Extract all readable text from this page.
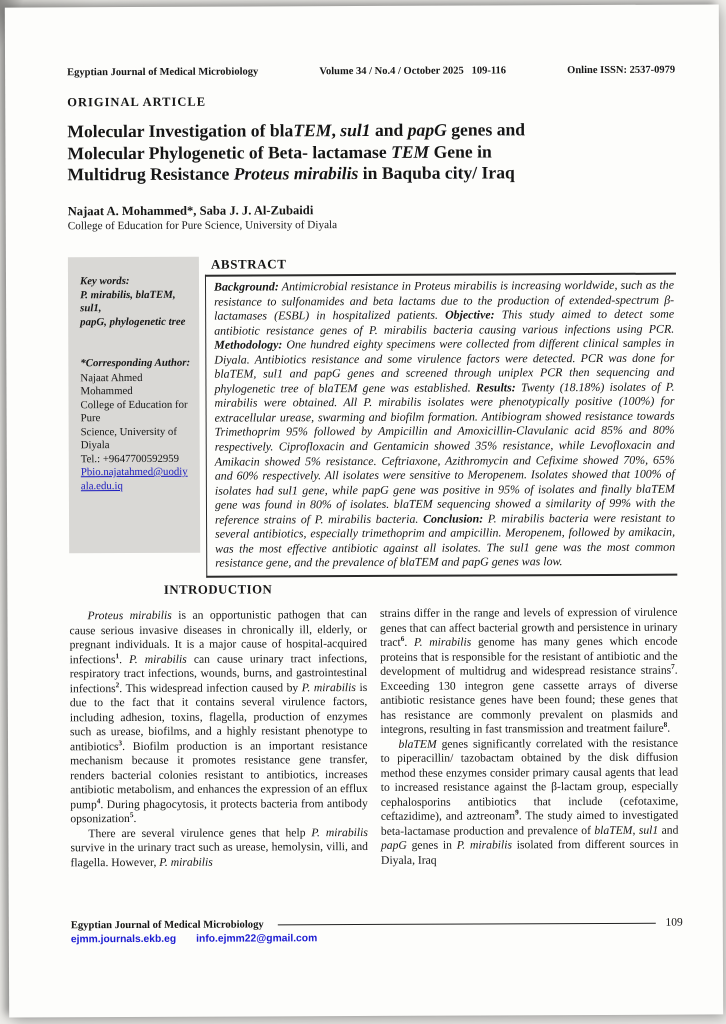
Egyptian Journal of Medical Microbiology	Volume 34 / No.4 / October 2025 109-116	Online ISSN: 2537-0979
ORIGINAL ARTICLE
Molecular Investigation of blaTEM, sul1 and papG genes and
Molecular Phylogenetic of Beta- lactamase TEM Gene in
Multidrug Resistance Proteus mirabilis in Baquba city/ Iraq
Najaat A. Mohammed*, Saba J. J. Al-Zubaidi
College of Education for Pure Science, University of Diyala
Key words:
P. mirabilis, blaTEM, sul1,
papG, phylogenetic tree
*Corresponding Author:
Najaat Ahmed Mohammed
College of Education for Pure
Science, University of Diyala
Tel.: +9647700592959
Pbio.najatahmed@uodiyala.edu.iq
ABSTRACT
Background: Antimicrobial resistance in Proteus mirabilis is increasing worldwide, such as the resistance to sulfonamides and beta lactams due to the production of extended-spectrum β-lactamases (ESBL) in hospitalized patients. Objective: This study aimed to detect some antibiotic resistance genes of P. mirabilis bacteria causing various infections using PCR. Methodology: One hundred eighty specimens were collected from different clinical samples in Diyala. Antibiotics resistance and some virulence factors were detected. PCR was done for blaTEM, sul1 and papG genes and screened through uniplex PCR then sequencing and phylogenetic tree of blaTEM gene was established. Results: Twenty (18.18%) isolates of P. mirabilis were obtained. All P. mirabilis isolates were phenotypically positive (100%) for extracellular urease, swarming and biofilm formation. Antibiogram showed resistance towards Trimethoprim 95% followed by Ampicillin and Amoxicillin-Clavulanic acid 85% and 80% respectively. Ciprofloxacin and Gentamicin showed 35% resistance, while Levofloxacin and Amikacin showed 5% resistance. Ceftriaxone, Azithromycin and Cefixime showed 70%, 65% and 60% respectively. All isolates were sensitive to Meropenem. Isolates showed that 100% of isolates had sul1 gene, while papG gene was positive in 95% of isolates and finally blaTEM gene was found in 80% of isolates. blaTEM sequencing showed a similarity of 99% with the reference strains of P. mirabilis bacteria. Conclusion: P. mirabilis bacteria were resistant to several antibiotics, especially trimethoprim and ampicillin. Meropenem, followed by amikacin, was the most effective antibiotic against all isolates. The sul1 gene was the most common resistance gene, and the prevalence of blaTEM and papG genes was low.
INTRODUCTION

Proteus mirabilis is an opportunistic pathogen that can cause serious invasive diseases in chronically ill, elderly, or pregnant individuals. It is a major cause of hospital-acquired infections$^1$. P. mirabilis can cause urinary tract infections, respiratory tract infections, wounds, burns, and gastrointestinal infections$^2$. This widespread infection caused by P. mirabilis is due to the fact that it contains several virulence factors, including adhesion, toxins, flagella, production of enzymes such as urease, biofilms, and a highly resistant phenotype to antibiotics$^3$. Biofilm production is an important resistance mechanism because it promotes resistance gene transfer, renders bacterial colonies resistant to antibiotics, increases antibiotic metabolism, and enhances the expression of an efflux pump$^4$. During phagocytosis, it protects bacteria from antibody opsonization$^5$.

There are several virulence genes that help P. mirabilis survive in the urinary tract such as urease, hemolysin, villi, and flagella. However, P. mirabilis

strains differ in the range and levels of expression of virulence genes that can affect bacterial growth and persistence in urinary tract$^6$. P. mirabilis genome has many genes which encode proteins that is responsible for the resistant of antibiotic and the development of multidrug and widespread resistance strains$^7$. Exceeding 130 integron gene cassette arrays of diverse antibiotic resistance genes have been found; these genes that has resistance are commonly prevalent on plasmids and integrons, resulting in fast transmission and treatment failure$^8$.

blaTEM genes significantly correlated with the resistance to piperacillin/ tazobactam obtained by the disk diffusion method these enzymes consider primary causal agents that lead to increased resistance against the β-lactam group, especially cephalosporins antibiotics that include (cefotaxime, ceftazidime), and aztreonam$^9$. The study aimed to investigated beta-lactamase production and prevalence of blaTEM, sul1 and papG genes in P. mirabilis isolated from different sources in Diyala, Iraq

Egyptian Journal of Medical Microbiology	109
ejmm.journals.ekb.eg info.ejmm22@gmail.com
